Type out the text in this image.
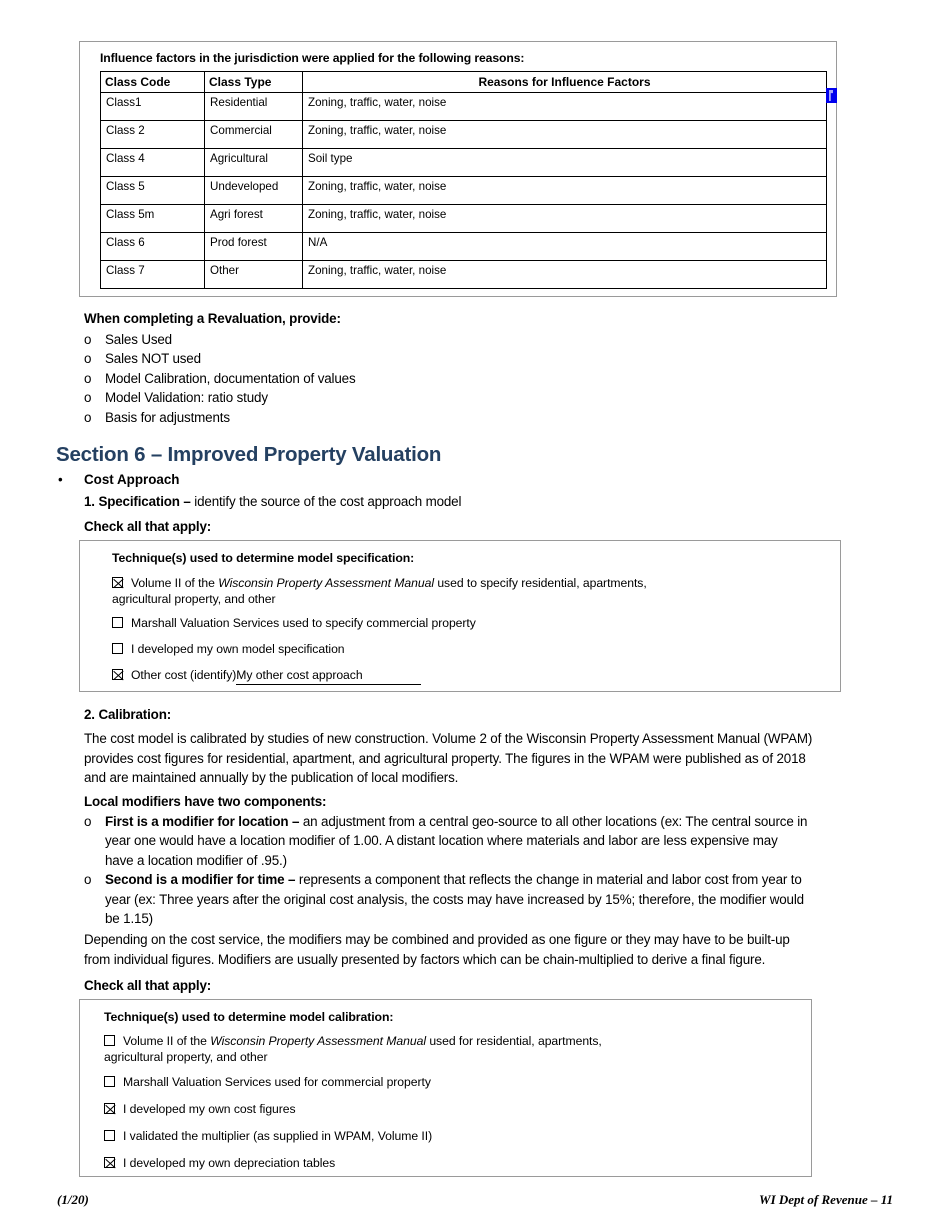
Influence factors in the jurisdiction were applied for the following reasons:
Class Code	Class Type	Reasons for Influence Factors
Class1	Residential	Zoning, traffic, water, noise
Class 2	Commercial	Zoning, traffic, water, noise
Class 4	Agricultural	Soil type
Class 5	Undeveloped	Zoning, traffic, water, noise
Class 5m	Agri forest	Zoning, traffic, water, noise
Class 6	Prod forest	N/A
Class 7	Other	Zoning, traffic, water, noise
When completing a Revaluation, provide:
o Sales Used
o Sales NOT used
o Model Calibration, documentation of values
o Model Validation: ratio study
o Basis for adjustments
Section 6 – Improved Property Valuation
• Cost Approach
1. Specification – identify the source of the cost approach model
Check all that apply:
Technique(s) used to determine model specification:
Volume II of the Wisconsin Property Assessment Manual used to specify residential, apartments,
agricultural property, and other
Marshall Valuation Services used to specify commercial property
I developed my own model specification
Other cost (identify)My other cost approach
2. Calibration:
The cost model is calibrated by studies of new construction. Volume 2 of the Wisconsin Property Assessment Manual (WPAM)
provides cost figures for residential, apartment, and agricultural property. The figures in the WPAM were published as of 2018
and are maintained annually by the publication of local modifiers.
Local modifiers have two components:
o First is a modifier for location – an adjustment from a central geo-source to all other locations (ex: The central source in
year one would have a location modifier of 1.00. A distant location where materials and labor are less expensive may
have a location modifier of .95.)
o Second is a modifier for time – represents a component that reflects the change in material and labor cost from year to
year (ex: Three years after the original cost analysis, the costs may have increased by 15%; therefore, the modifier would
be 1.15)
Depending on the cost service, the modifiers may be combined and provided as one figure or they may have to be built-up
from individual figures. Modifiers are usually presented by factors which can be chain-multiplied to derive a final figure.
Check all that apply:
Technique(s) used to determine model calibration:
Volume II of the Wisconsin Property Assessment Manual used for residential, apartments,
agricultural property, and other
Marshall Valuation Services used for commercial property
I developed my own cost figures
I validated the multiplier (as supplied in WPAM, Volume II)
I developed my own depreciation tables
(1/20)	WI Dept of Revenue – 11
